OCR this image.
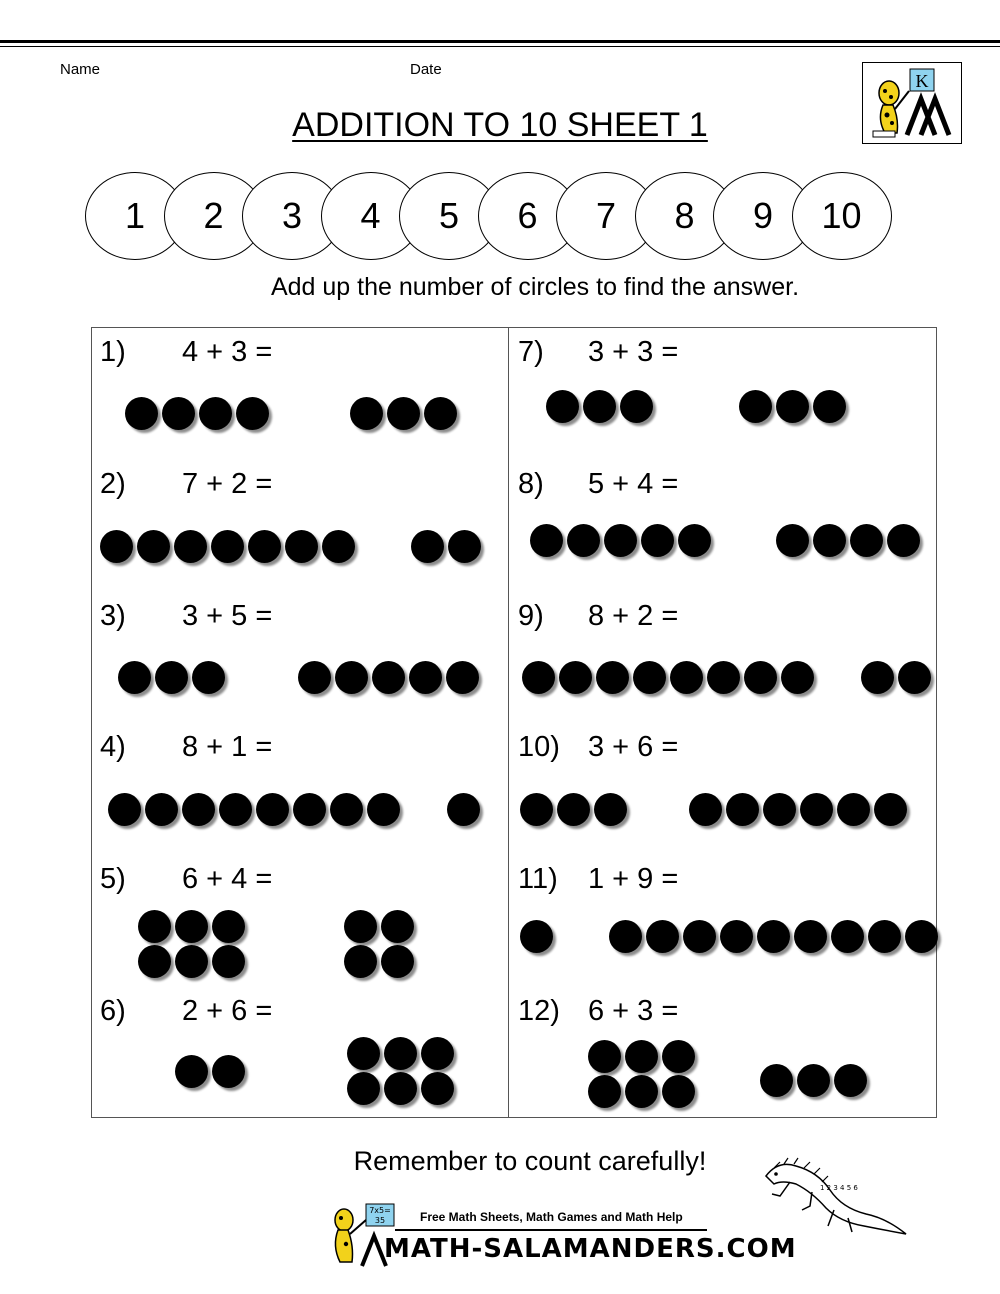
Name	Date
K
ADDITION TO 10 SHEET 1
1	2	3	4	5	6	7	8	9	10
Add up the number of circles to find the answer.
1) 4 + 3 =
2) 7 + 2 =
3) 3 + 5 =
4) 8 + 1 =
5) 6 + 4 =
6) 2 + 6 =
7) 3 + 3 =
8) 5 + 4 =
9) 8 + 2 =
10) 3 + 6 =
11) 1 + 9 =
12) 6 + 3 =
Remember to count carefully!
1 2 3 4 5 6
7x5=
35	Free Math Sheets, Math Games and Math Help
MATH-SALAMANDERS.COM
